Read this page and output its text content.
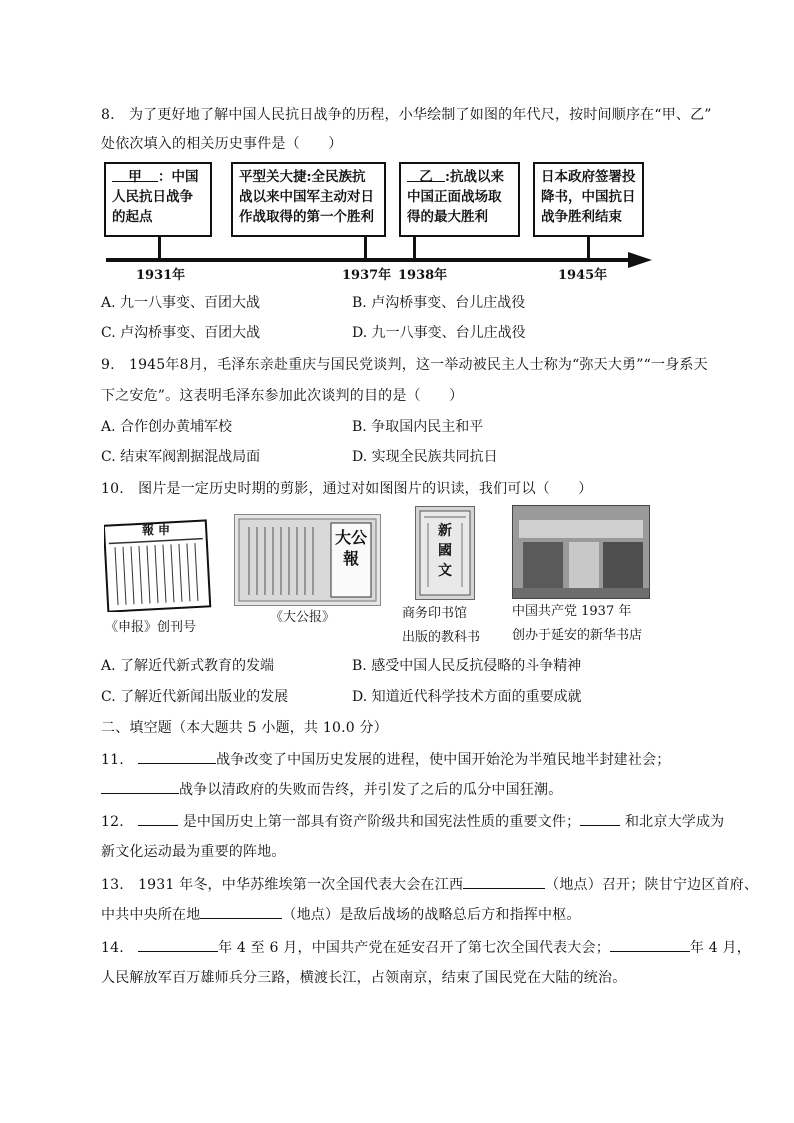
8.　为了更好地了解中国人民抗日战争的历程，小华绘制了如图的年代尺，按时间顺序在“甲、乙”
处依次填入的相关历史事件是（　　）
甲 ：中国
人民抗日战争
的起点
平型关大捷:全民族抗
战以来中国军主动对日
作战取得的第一个胜利
乙 :抗战以来
中国正面战场取
得的最大胜利
日本政府签署投
降书，中国抗日
战争胜利结束
1931年	1937年 1938年	1945年
A. 九一八事变、百团大战	B. 卢沟桥事变、台儿庄战役
C. 卢沟桥事变、百团大战	D. 九一八事变、台儿庄战役
9.　1945年8月，毛泽东亲赴重庆与国民党谈判，这一举动被民主人士称为“弥天大勇”“一身系天
下之安危”。这表明毛泽东参加此次谈判的目的是（　　）
A. 合作创办黄埔军校	B. 争取国内民主和平
C. 结束军阀割据混战局面	D. 实现全民族共同抗日
10.　图片是一定历史时期的剪影，通过对如图图片的识读，我们可以（　　）
報申
《申报》创刊号
大公報
《大公报》
新國文
商务印书馆
出版的教科书
中国共产党 1937 年
创办于延安的新华书店
A. 了解近代新式教育的发端	B. 感受中国人民反抗侵略的斗争精神
C. 了解近代新闻出版业的发展	D. 知道近代科学技术方面的重要成就
二、填空题（本大题共 5 小题，共 10.0 分）
11.　	战争改变了中国历史发展的进程，使中国开始沦为半殖民地半封建社会；
战争以清政府的失败而告终，并引发了之后的瓜分中国狂潮。
12.　	是中国历史上第一部具有资产阶级共和国宪法性质的重要文件；	和北京大学成为
新文化运动最为重要的阵地。
13.　1931 年冬，中华苏维埃第一次全国代表大会在江西	（地点）召开；陕甘宁边区首府、
中共中央所在地	（地点）是敌后战场的战略总后方和指挥中枢。
14.　	年 4 至 6 月，中国共产党在延安召开了第七次全国代表大会；	年 4 月，
人民解放军百万雄师兵分三路，横渡长江，占领南京，结束了国民党在大陆的统治。
